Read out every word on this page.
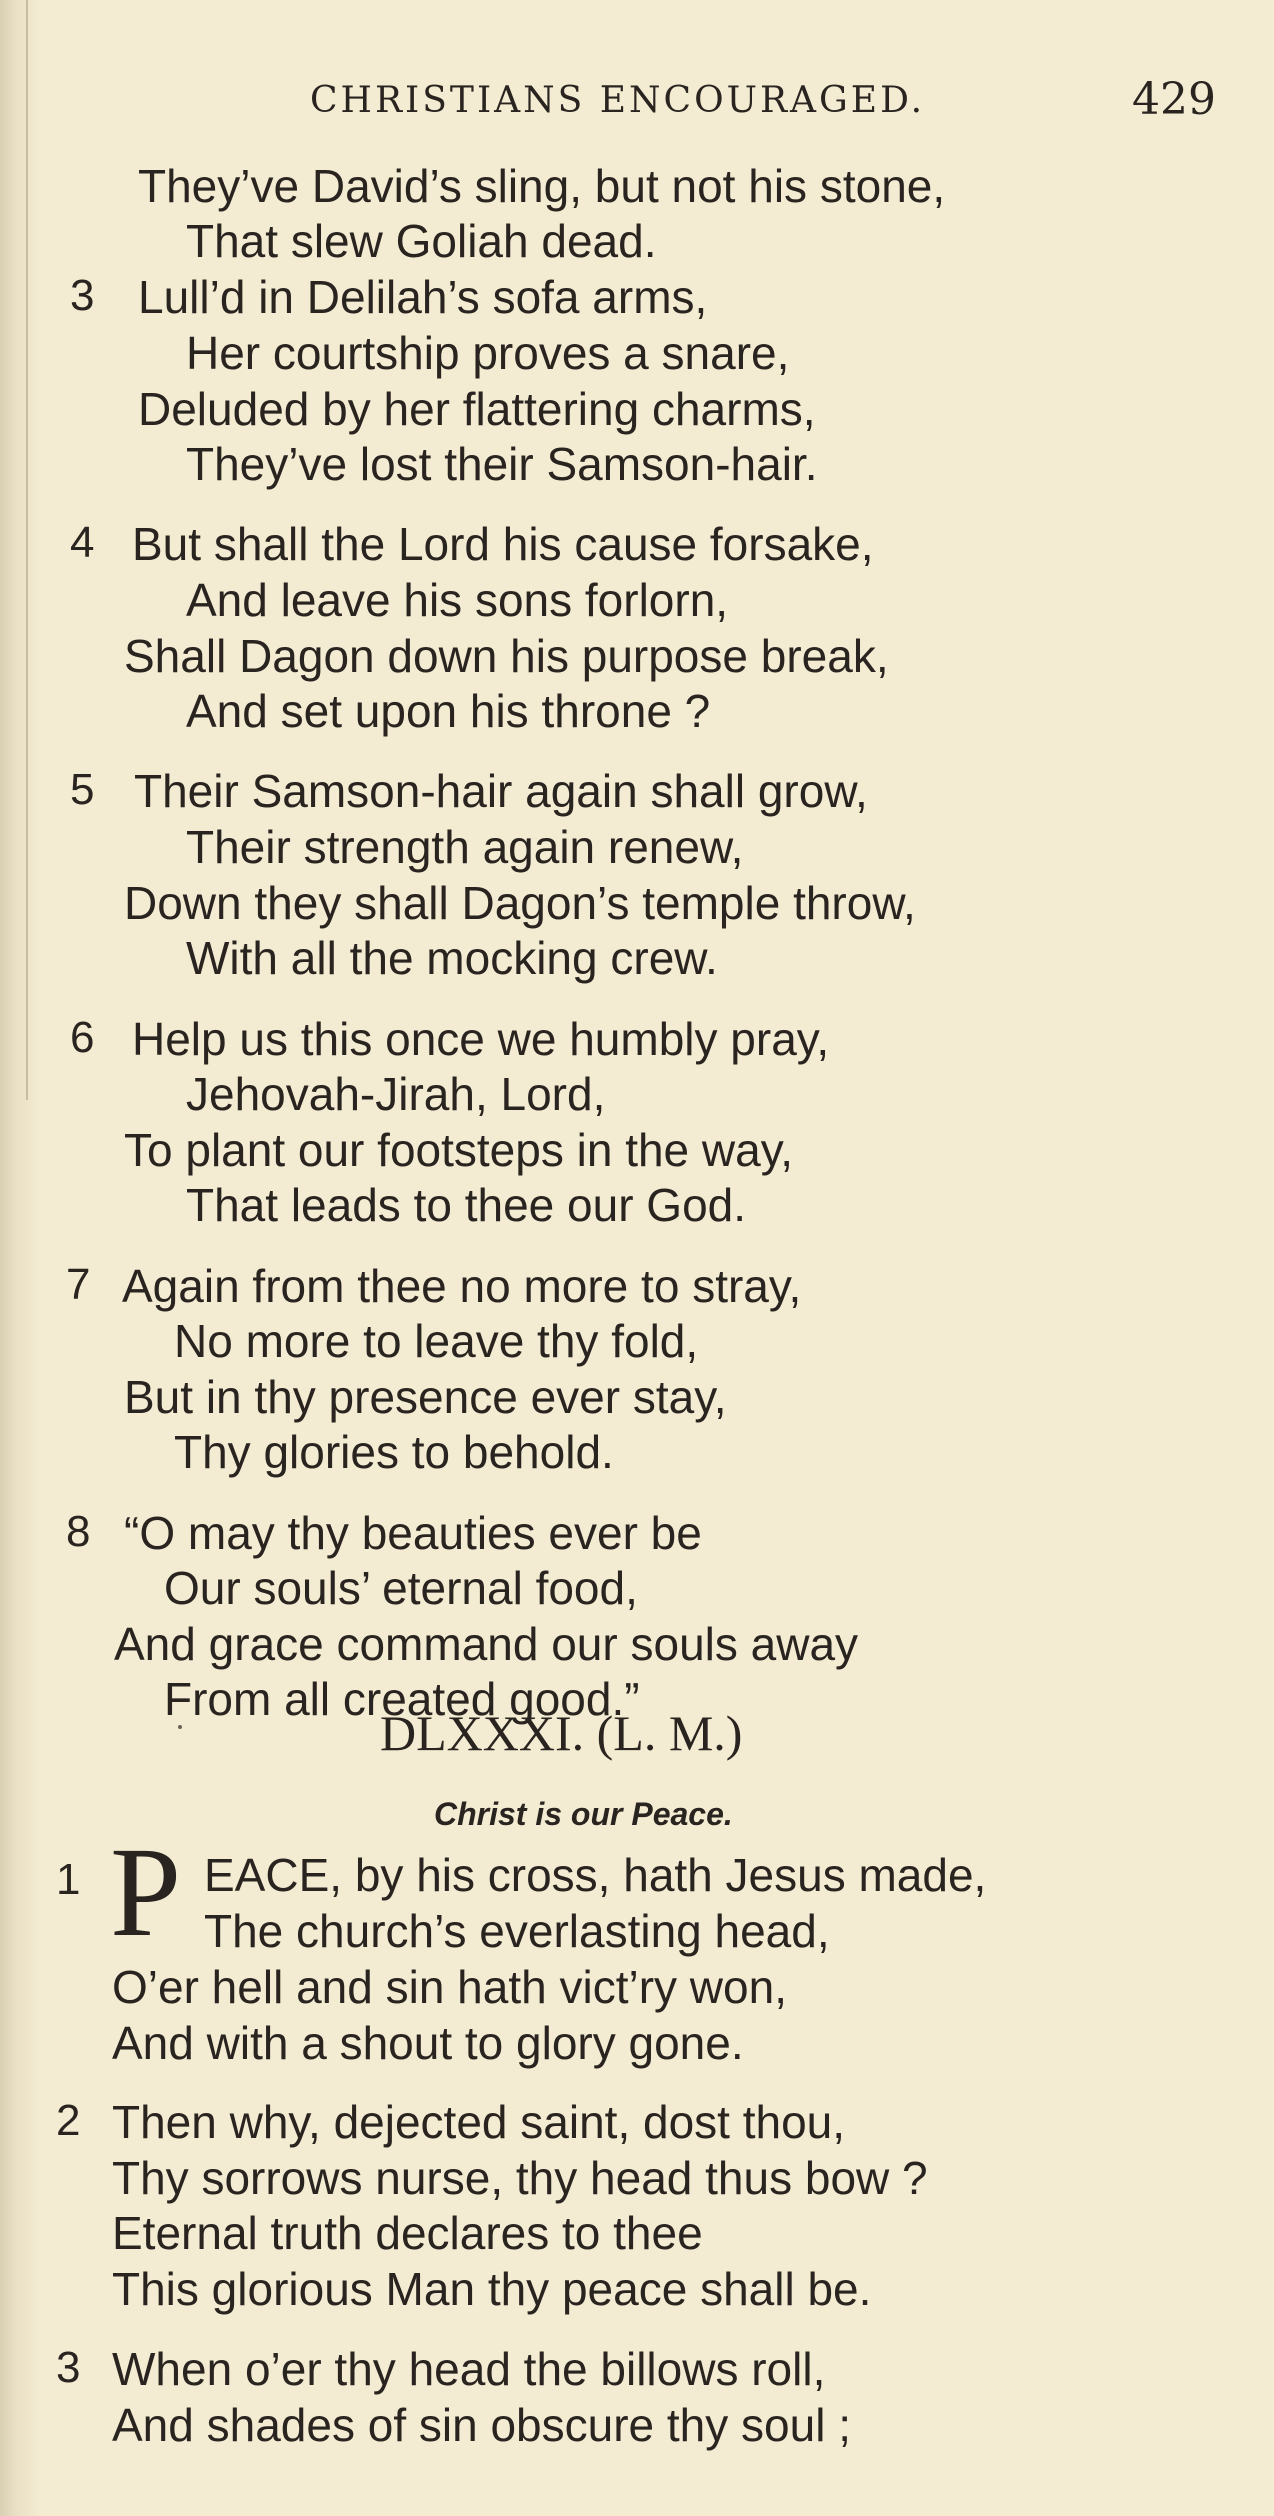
CHRISTIANS ENCOURAGED.	429
They’ve David’s sling, but not his stone,
That slew Goliah dead.
3 Lull’d in Delilah’s sofa arms,
Her courtship proves a snare,
Deluded by her flattering charms,
They’ve lost their Samson-hair.
4 But shall the Lord his cause forsake,
And leave his sons forlorn,
Shall Dagon down his purpose break,
And set upon his throne ?
5 Their Samson-hair again shall grow,
Their strength again renew,
Down they shall Dagon’s temple throw,
With all the mocking crew.
6 Help us this once we humbly pray,
Jehovah-Jirah, Lord,
To plant our footsteps in the way,
That leads to thee our God.
7 Again from thee no more to stray,
No more to leave thy fold,
But in thy presence ever stay,
Thy glories to behold.
8 “O may thy beauties ever be
Our souls’ eternal food,
And grace command our souls away
From all created good.”
DLXXXI. (L. M.)
Christ is our Peace.
1 P EACE, by his cross, hath Jesus made,
The church’s everlasting head,
O’er hell and sin hath vict’ry won,
And with a shout to glory gone.
2 Then why, dejected saint, dost thou,
Thy sorrows nurse, thy head thus bow ?
Eternal truth declares to thee
This glorious Man thy peace shall be.
3 When o’er thy head the billows roll,
And shades of sin obscure thy soul ;
